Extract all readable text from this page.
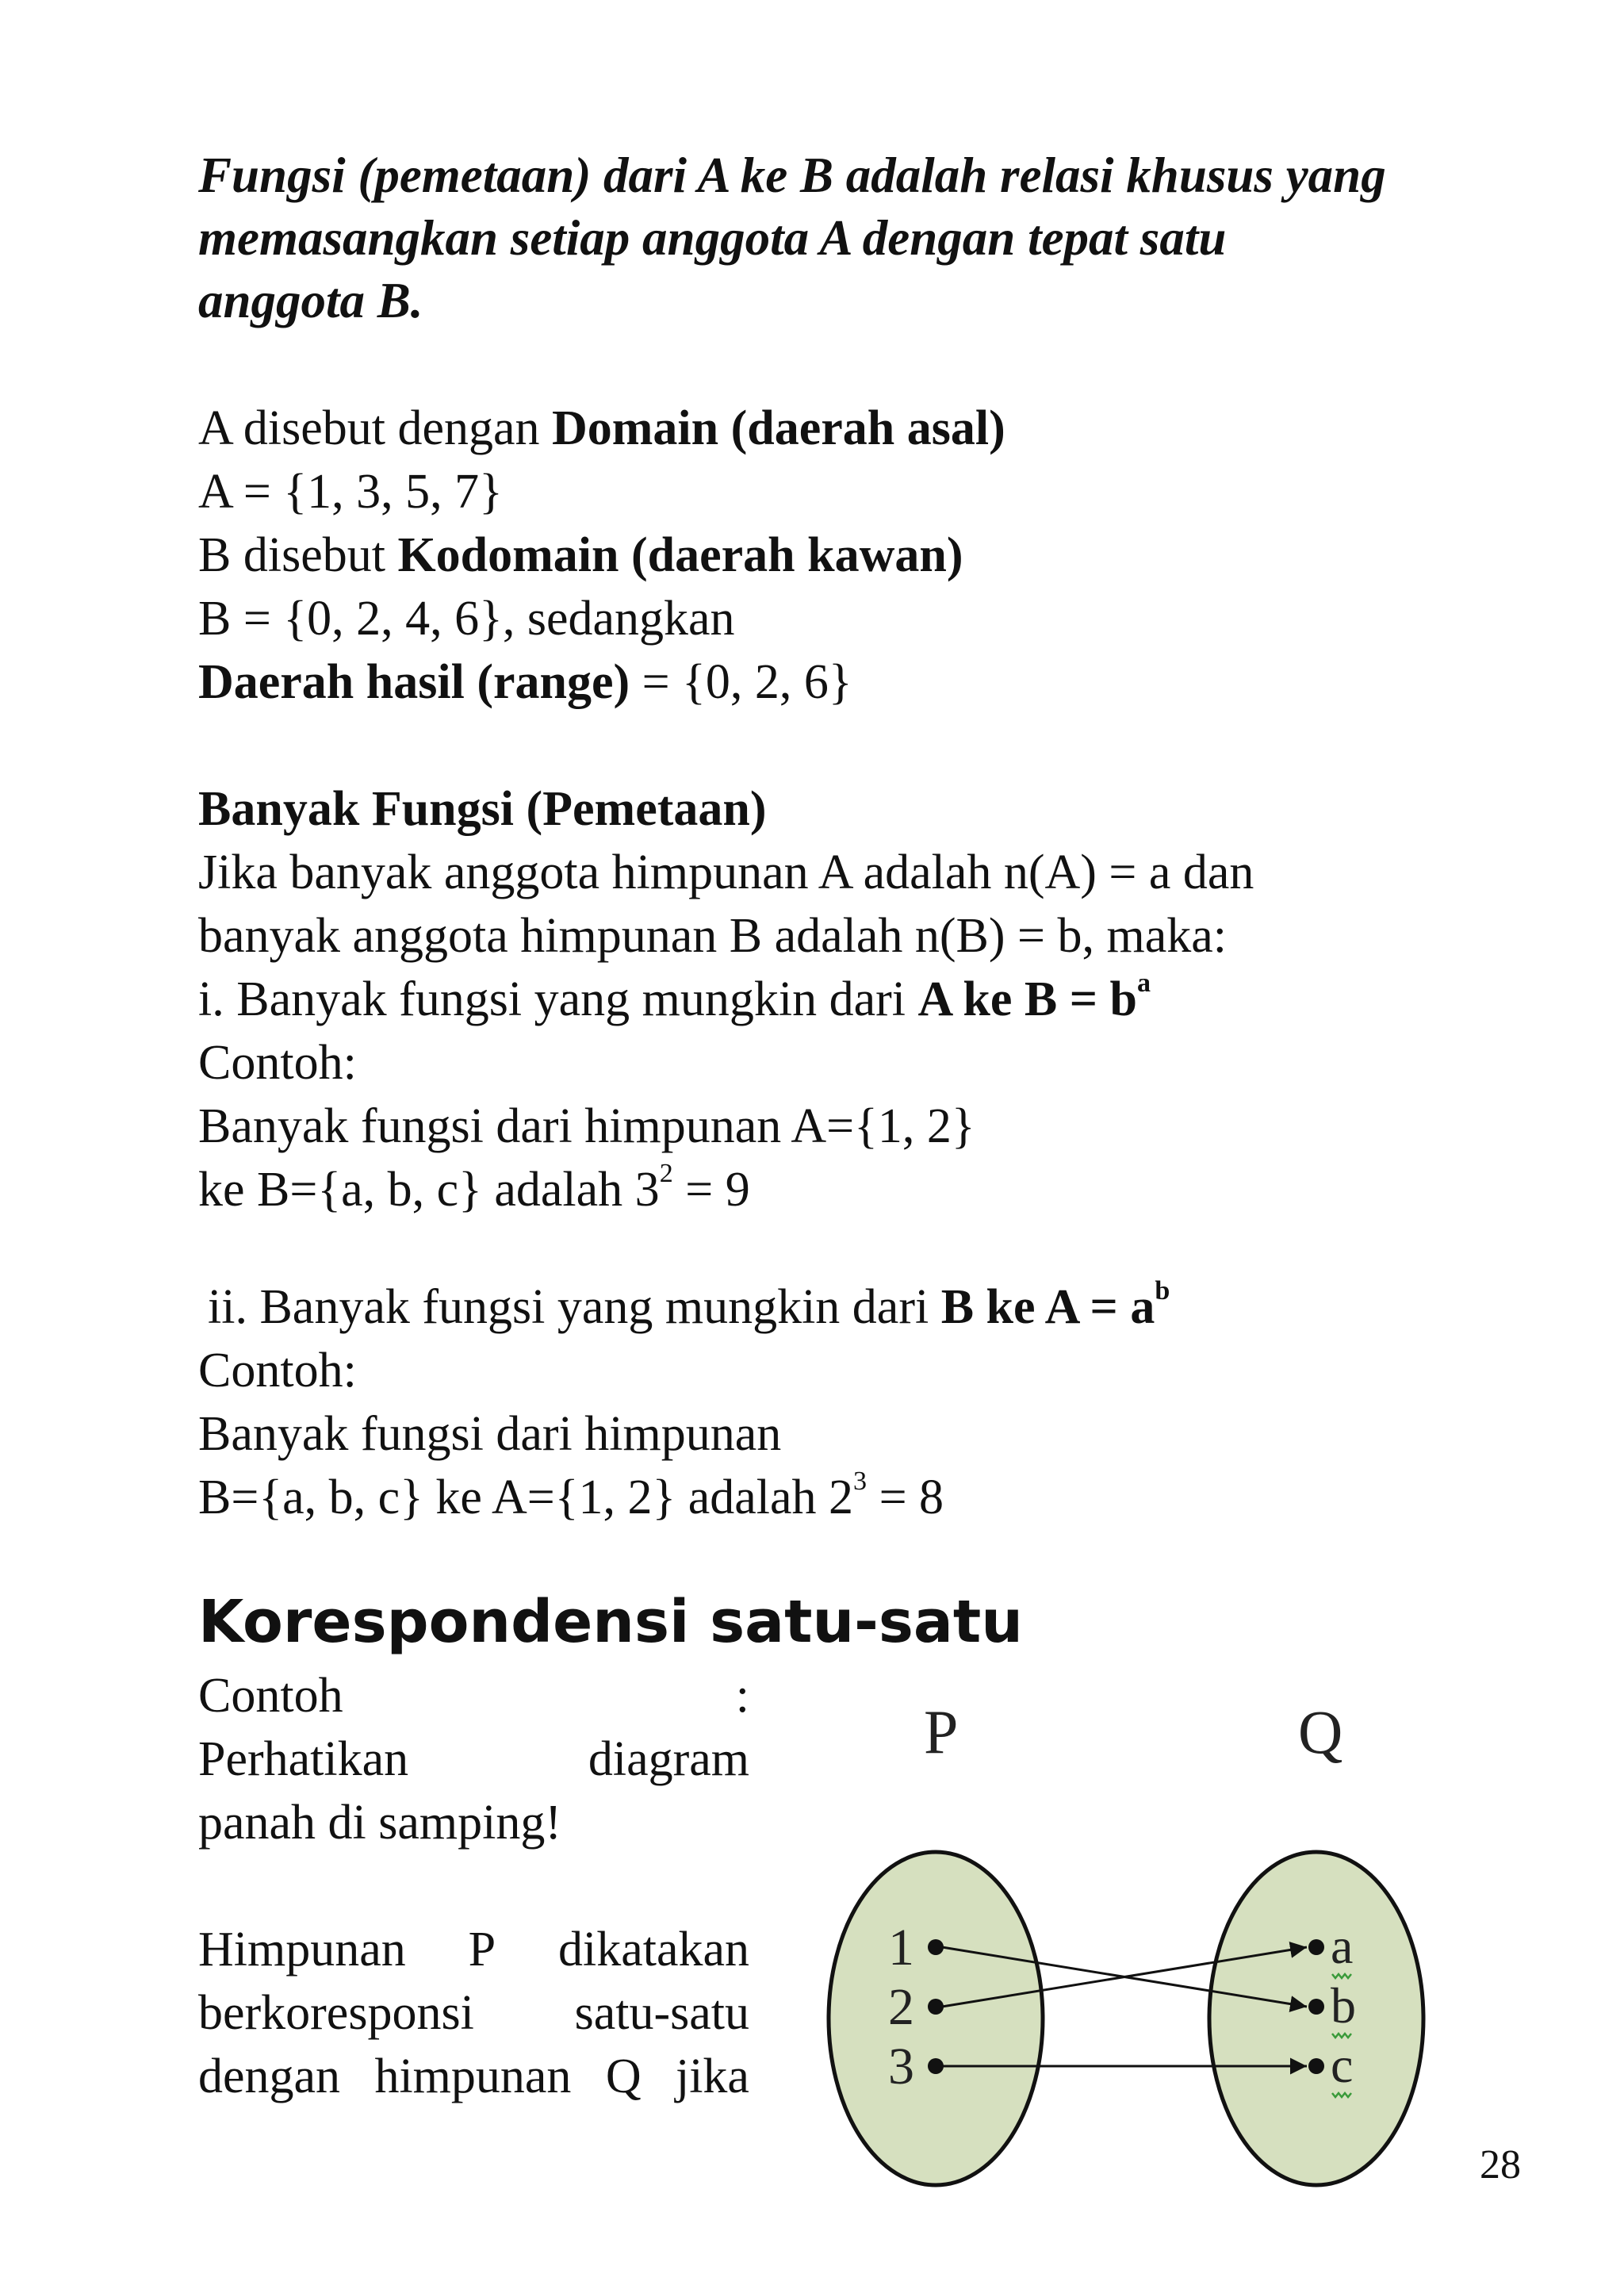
Fungsi (pemetaan) dari A ke B adalah relasi khusus yang
memasangkan setiap anggota A dengan tepat satu
anggota B.
A disebut dengan Domain (daerah asal)
A = {1, 3, 5, 7}
B disebut Kodomain (daerah kawan)
B = {0, 2, 4, 6}, sedangkan
Daerah hasil (range) = {0, 2, 6}
Banyak Fungsi (Pemetaan)
Jika banyak anggota himpunan A adalah n(A) = a dan
banyak anggota himpunan B adalah n(B) = b, maka:
i. Banyak fungsi yang mungkin dari A ke $B = b^a$
Contoh:
Banyak fungsi dari himpunan A={1, 2}
ke B={a, b, c} adalah $3^2 = 9$
ii. Banyak fungsi yang mungkin dari B ke $A = a^b$
Contoh:
Banyak fungsi dari himpunan
B={a, b, c} ke A={1, 2} adalah $2^3 = 8$
Korespondensi satu-satu
Contoh	:
Perhatikan	diagram
panah di samping!
Himpunan P dikatakan
berkoresponsi satu-satu
dengan himpunan Q jika
P	Q
1
2
3
a
b
c
28
